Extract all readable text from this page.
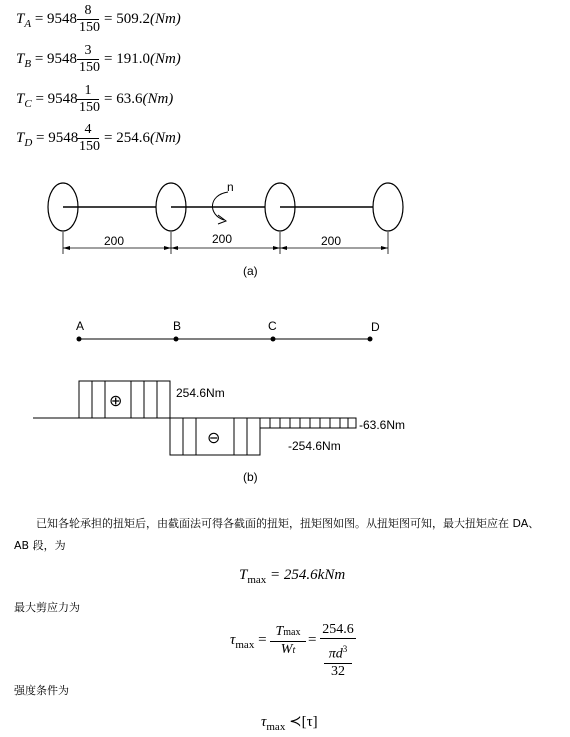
$T_A = 9548 \frac{8}{150} = 509.2(Nm)$
$T_B = 9548 \frac{3}{150} = 191.0(Nm)$
$T_C = 9548 \frac{1}{150} = 63.6(Nm)$
$T_D = 9548$
$\frac{4}{150} = 254.6(Nm)$
n
200	200	200
(a)
A	B	C	D
⊕
⊖
254.6Nm
-63.6Nm
-254.6Nm
(b)
已知各轮承担的扭矩后，由截面法可得各截面的扭矩，扭矩图如图。从扭矩图可知，最大扭矩应在 DA、
AB 段，为
$T_{max} = 254.6kNm$
最大剪应力为
$\tau_{max}$ =
Tmax
Wt
=
254.6
$\pi d^3$
32
强度条件为
$\tau_{max}$ ≺[τ]
